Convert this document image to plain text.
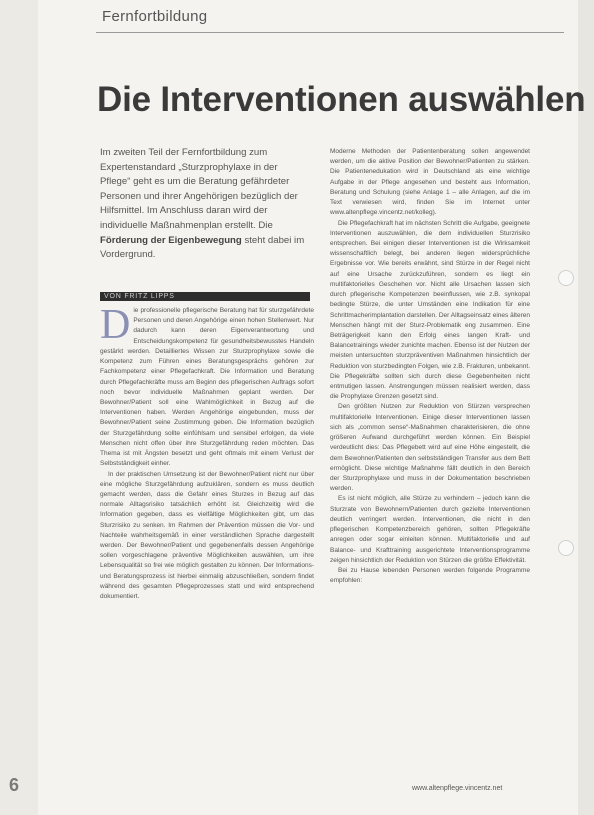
Fernfortbildung

Die Interventionen auswählen

Im zweiten Teil der Fernfortbildung zum Expertenstandard „Sturzprophylaxe in der Pflege“ geht es um die Beratung gefährdeter Personen und ihrer Angehörigen bezüglich der Hilfsmittel. Im Anschluss daran wird der individuelle Maßnahmenplan erstellt. Die Förderung der Eigenbewegung steht dabei im Vordergrund.

VON FRITZ LIPPS

Die professionelle pflegerische Beratung hat für sturzgefährdete Personen und deren Angehörige einen hohen Stellenwert. Nur dadurch kann deren Eigenverantwortung und Entscheidungskompetenz für gesundheitsbewusstes Handeln gestärkt werden. Detailliertes Wissen zur Sturzprophylaxe sowie die Kompetenz zum Führen eines Beratungsgesprächs gehören zur Fachkompetenz einer Pflegefachkraft. Die Information und Beratung durch Pflegefachkräfte muss am Beginn des pflegerischen Auftrags sofort noch bevor individuelle Maßnahmen geplant werden. Der Bewohner/Patient soll eine Wahlmöglichkeit in Bezug auf die Interventionen haben. Werden Angehörige eingebunden, muss der Bewohner/Patient seine Zustimmung geben. Die Information bezüglich der Sturzgefährdung sollte einfühlsam und sensibel erfolgen, da viele Menschen nicht offen über ihre Sturzgefährdung reden möchten. Das Thema ist mit Ängsten besetzt und geht oftmals mit einem Verlust der Selbstständigkeit einher.

In der praktischen Umsetzung ist der Bewohner/Patient nicht nur über eine mögliche Sturzgefährdung aufzuklären, sondern es muss deutlich gemacht werden, dass die Gefahr eines Sturzes in Bezug auf das normale Alltagsrisiko tatsächlich erhöht ist. Gleichzeitig wird die Information gegeben, dass es vielfältige Möglichkeiten gibt, um das Sturzrisiko zu senken. Im Rahmen der Prävention müssen die Vor- und Nachteile wahrheitsgemäß in einer verständlichen Sprache dargestellt werden. Der Bewohner/Patient und gegebenenfalls dessen Angehörige sollen vorgeschlagene präventive Möglichkeiten auswählen, um ihre Lebensqualität so frei wie möglich gestalten zu können. Der Informations- und Beratungsprozess ist hierbei einmalig abzuschließen, sondern findet während des gesamten Pflegeprozesses statt und wird entsprechend dokumentiert.

Moderne Methoden der Patientenberatung sollen angewendet werden, um die aktive Position der Bewohner/Patienten zu stärken. Die Patientenedukation wird in Deutschland als eine wichtige Aufgabe in der Pflege angesehen und besteht aus Information, Beratung und Schulung (siehe Anlage 1 – alle Anlagen, auf die im Text verwiesen wird, finden Sie im Internet unter www.altenpflege.vincentz.net/kolleg).

Die Pflegefachkraft hat im nächsten Schritt die Aufgabe, geeignete Interventionen auszuwählen, die dem individuellen Sturzrisiko entsprechen. Bei einigen dieser Interventionen ist die Wirksamkeit wissenschaftlich belegt, bei anderen liegen widersprüchliche Ergebnisse vor. Wie bereits erwähnt, sind Stürze in der Regel nicht auf eine Ursache zurückzuführen, sondern es liegt ein multifaktorielles Geschehen vor. Nicht alle Ursachen lassen sich durch pflegerische Kompetenzen beeinflussen, wie z.B. synkopal bedingte Stürze, die unter Umständen eine Indikation für eine Schrittmacherimplantation darstellen. Der Alltagseinsatz eines älteren Menschen hängt mit der Sturz-Problematik eng zusammen. Eine Beträgerigkeit kann den Erfolg eines langen Kraft- und Balancetrainings wieder zunichte machen. Ebenso ist der Nutzen der meisten untersuchten sturzpräventiven Maßnahmen hinsichtlich der Reduktion von sturzbedingten Folgen, wie z.B. Frakturen, unbekannt. Die Pflegekräfte sollten sich durch diese Gegebenheiten nicht entmutigen lassen. Anstrengungen müssen realisiert werden, dass die Prophylaxe Grenzen gesetzt sind.

Den größten Nutzen zur Reduktion von Stürzen versprechen multifaktorielle Interventionen. Einige dieser Interventionen lassen sich als „common sense“-Maßnahmen charakterisieren, die ohne größeren Aufwand durchgeführt werden können. Ein Beispiel verdeutlicht dies: Das Pflegebett wird auf eine Höhe eingestellt, die dem Bewohner/Patienten den selbstständigen Transfer aus dem Bett ermöglicht. Diese wichtige Maßnahme fällt deutlich in den Bereich der Sturzprophylaxe und muss in der Dokumentation beschrieben werden.

Es ist nicht möglich, alle Stürze zu verhindern – jedoch kann die Sturzrate von Bewohnern/Patienten durch gezielte Interventionen deutlich verringert werden. Interventionen, die nicht in den pflegerischen Kompetenzbereich gehören, sollten Pflegekräfte anregen oder sogar einleiten können. Multifaktorielle und auf Balance- und Krafttraining ausgerichtete Interventionsprogramme zeigen hinsichtlich der Reduktion von Stürzen die größte Effektivität.

Bei zu Hause lebenden Personen werden folgende Programme empfohlen:

6	www.altenpflege.vincentz.net
